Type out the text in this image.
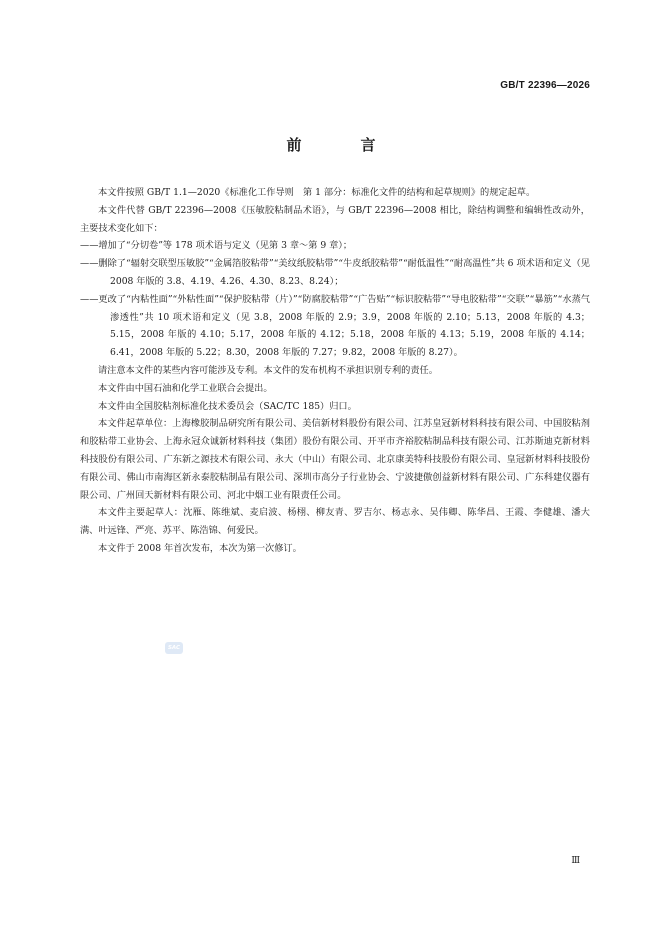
GB/T 22396—2026
前　言

本文件按照 GB/T 1.1—2020《标准化工作导则　第 1 部分：标准化文件的结构和起草规则》的规定起草。

本文件代替 GB/T 22396—2008《压敏胶粘制品术语》，与 GB/T 22396—2008 相比，除结构调整和编辑性改动外，主要技术变化如下：

——增加了“分切卷”等 178 项术语与定义（见第 3 章～第 9 章）；

——删除了“辐射交联型压敏胶”“金属箔胶粘带”“美纹纸胶粘带”“牛皮纸胶粘带”“耐低温性”“耐高温性”共 6 项术语和定义（见 2008 年版的 3.8、4.19、4.26、4.30、8.23、8.24）；

——更改了“内粘性面”“外粘性面”“保护胶粘带（片）”“防腐胶粘带”“广告贴”“标识胶粘带”“导电胶粘带”“交联”“暴筋”“水蒸气渗透性”共 10 项术语和定义（见 3.8，2008 年版的 2.9；3.9，2008 年版的 2.10；5.13，2008 年版的 4.3；5.15，2008 年版的 4.10；5.17，2008 年版的 4.12；5.18，2008 年版的 4.13；5.19，2008 年版的 4.14；6.41，2008 年版的 5.22；8.30，2008 年版的 7.27；9.82，2008 年版的 8.27）。

请注意本文件的某些内容可能涉及专利。本文件的发布机构不承担识别专利的责任。

本文件由中国石油和化学工业联合会提出。

本文件由全国胶粘剂标准化技术委员会（SAC/TC 185）归口。

本文件起草单位：上海橡胶制品研究所有限公司、美信新材料股份有限公司、江苏皇冠新材料科技有限公司、中国胶粘剂和胶粘带工业协会、上海永冠众诚新材料科技（集团）股份有限公司、开平市齐裕胶粘制品科技有限公司、江苏斯迪克新材料科技股份有限公司、广东新之源技术有限公司、永大（中山）有限公司、北京康美特科技股份有限公司、皇冠新材料科技股份有限公司、佛山市南海区新永泰胶粘制品有限公司、深圳市高分子行业协会、宁波捷傲创益新材料有限公司、广东科建仪器有限公司、广州回天新材料有限公司、河北中烟工业有限责任公司。

本文件主要起草人：沈雁、陈维斌、麦启波、杨栩、柳友青、罗吉尔、杨志永、吴伟卿、陈华昌、王霞、李健雄、潘大满、叶远锋、严亮、苏平、陈浩锦、何爱民。

本文件于 2008 年首次发布，本次为第一次修订。

SAC
Ⅲ
